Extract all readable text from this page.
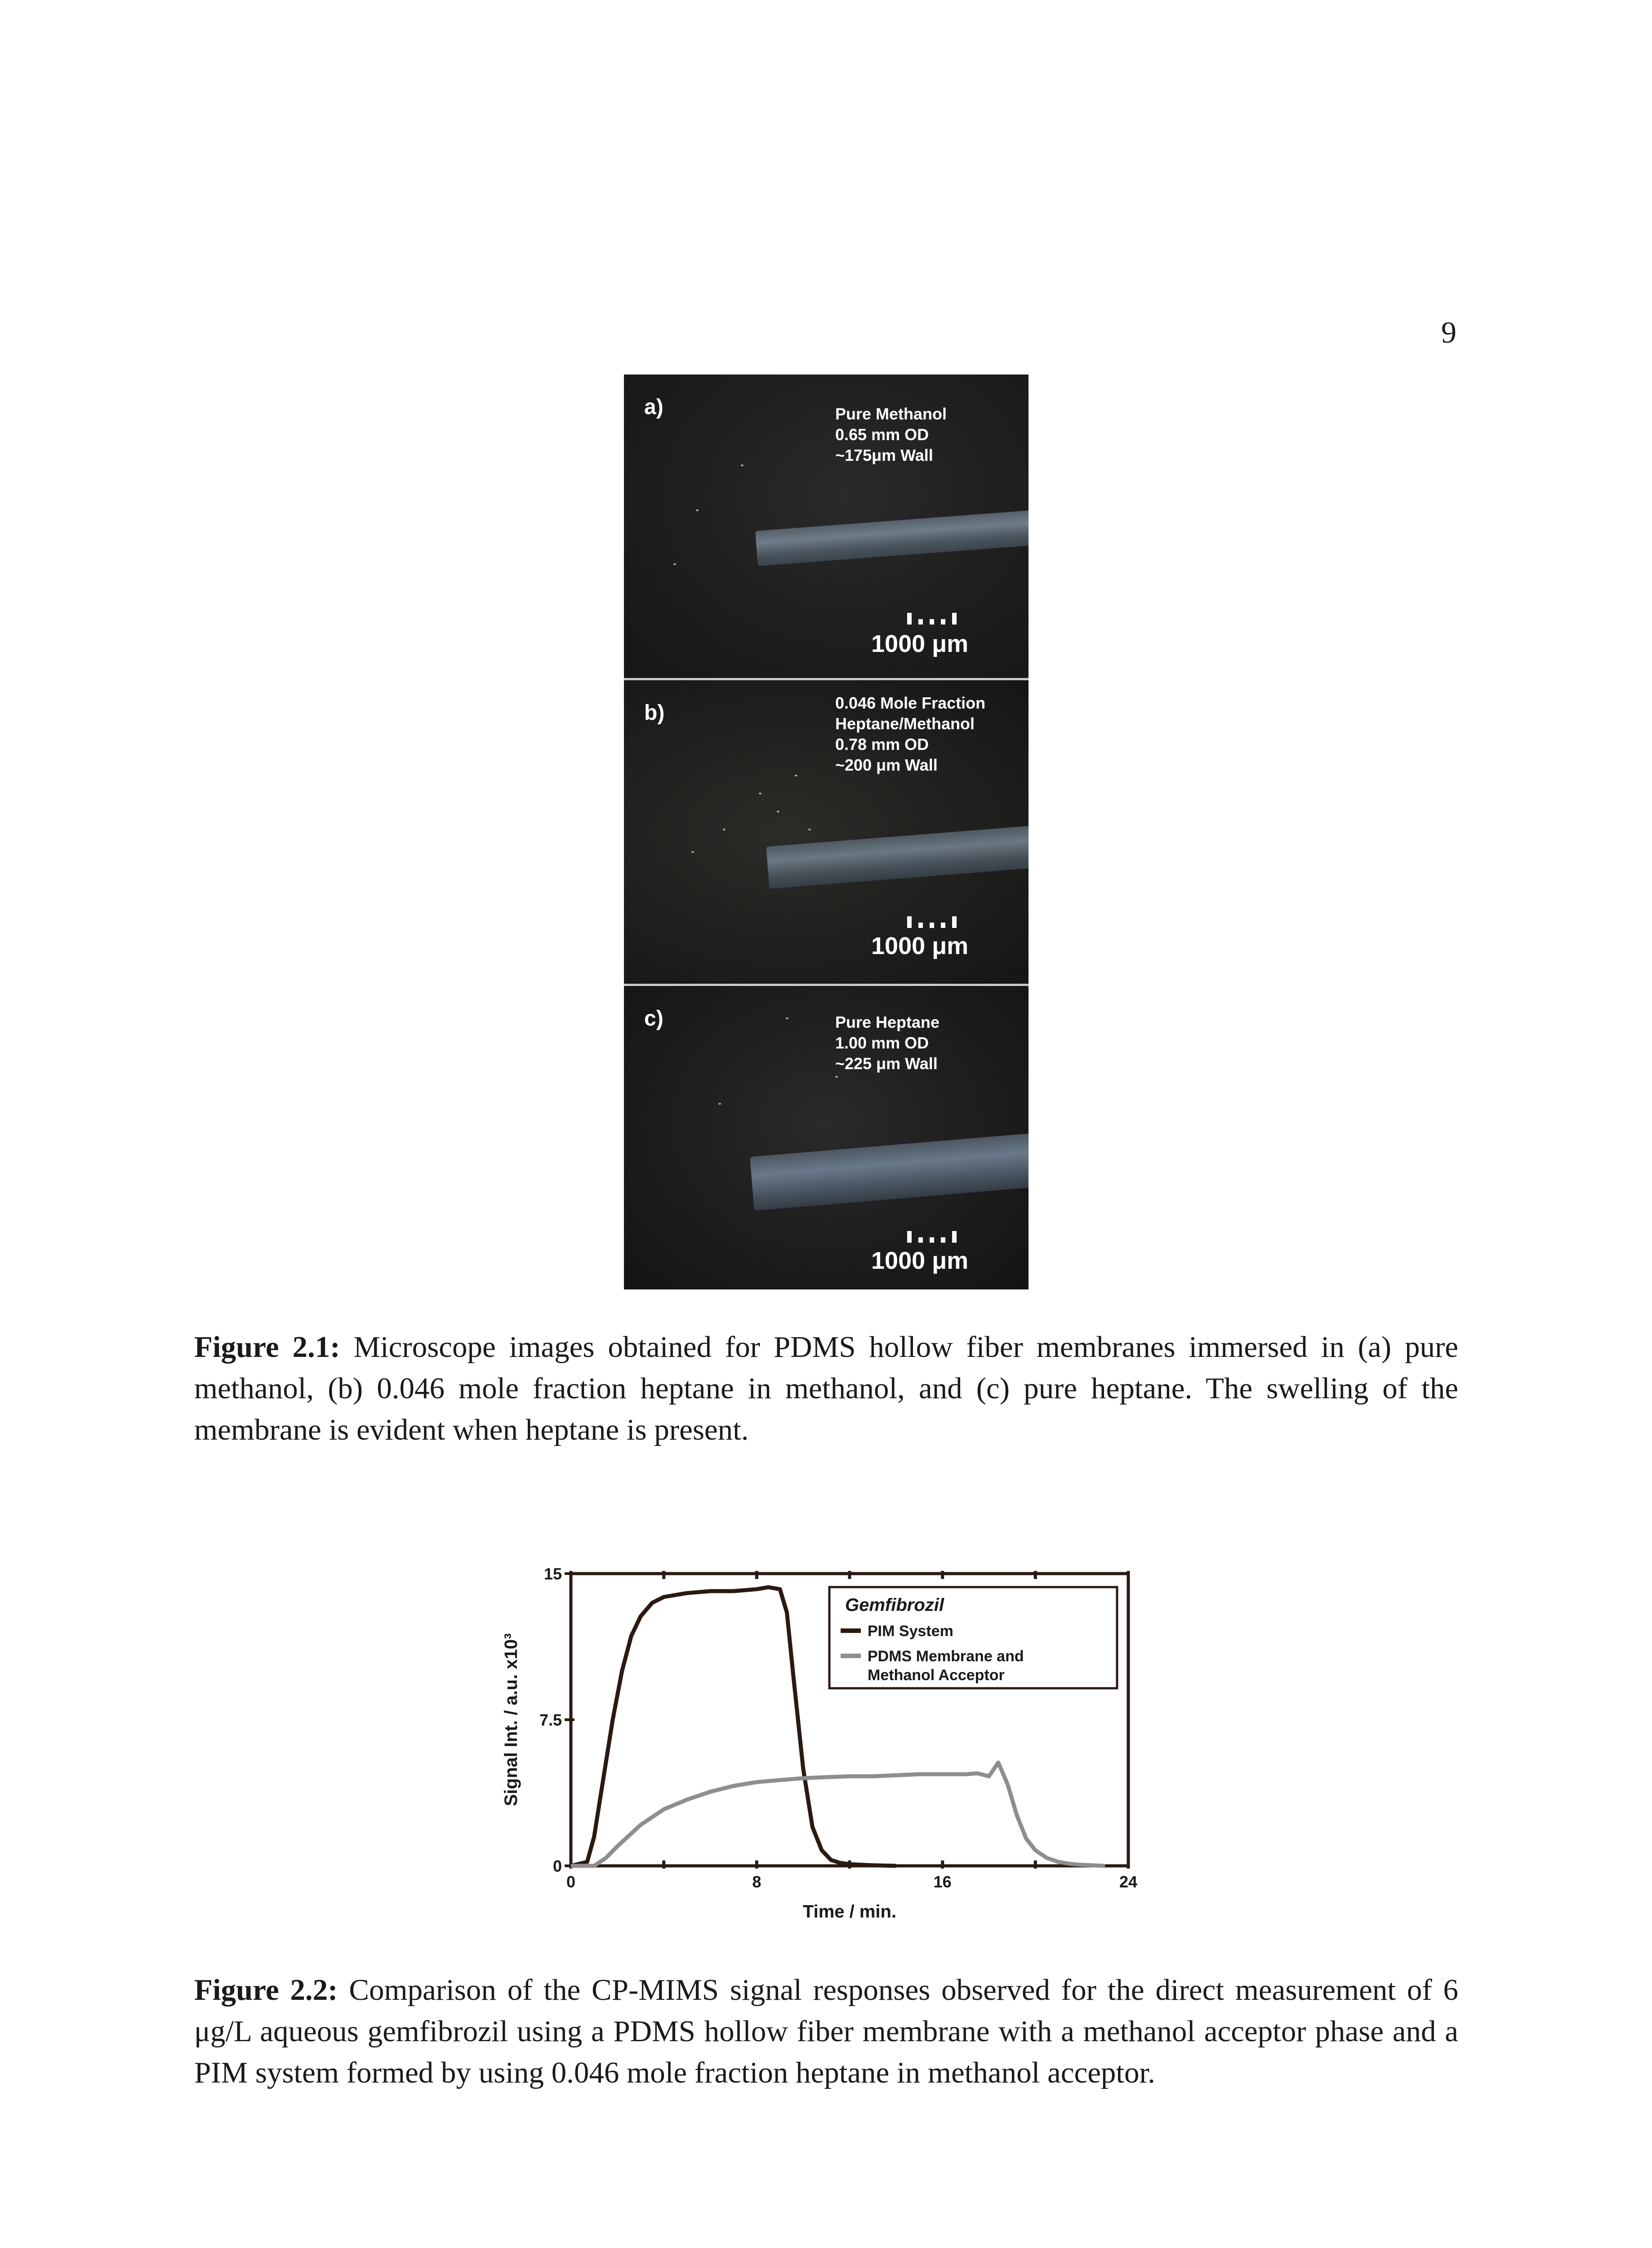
9
a)	Pure Methanol
0.65 mm OD
~175μm Wall
1000 μm
b)	0.046 Mole Fraction
Heptane/Methanol
0.78 mm OD
~200 μm Wall
1000 μm
c)	Pure Heptane
1.00 mm OD
~225 μm Wall
1000 μm
Figure 2.1: Microscope images obtained for PDMS hollow fiber membranes immersed in (a) pure methanol, (b) 0.046 mole fraction heptane in methanol, and (c) pure heptane. The swelling of the membrane is evident when heptane is present.
0
7.5
15
0	8	16	24
Time / min.
Signal Int. / a.u. x10³
Gemfibrozil
PIM System
PDMS Membrane and Methanol Acceptor
Figure 2.2: Comparison of the CP-MIMS signal responses observed for the direct measurement of 6 μg/L aqueous gemfibrozil using a PDMS hollow fiber membrane with a methanol acceptor phase and a PIM system formed by using 0.046 mole fraction heptane in methanol acceptor.
